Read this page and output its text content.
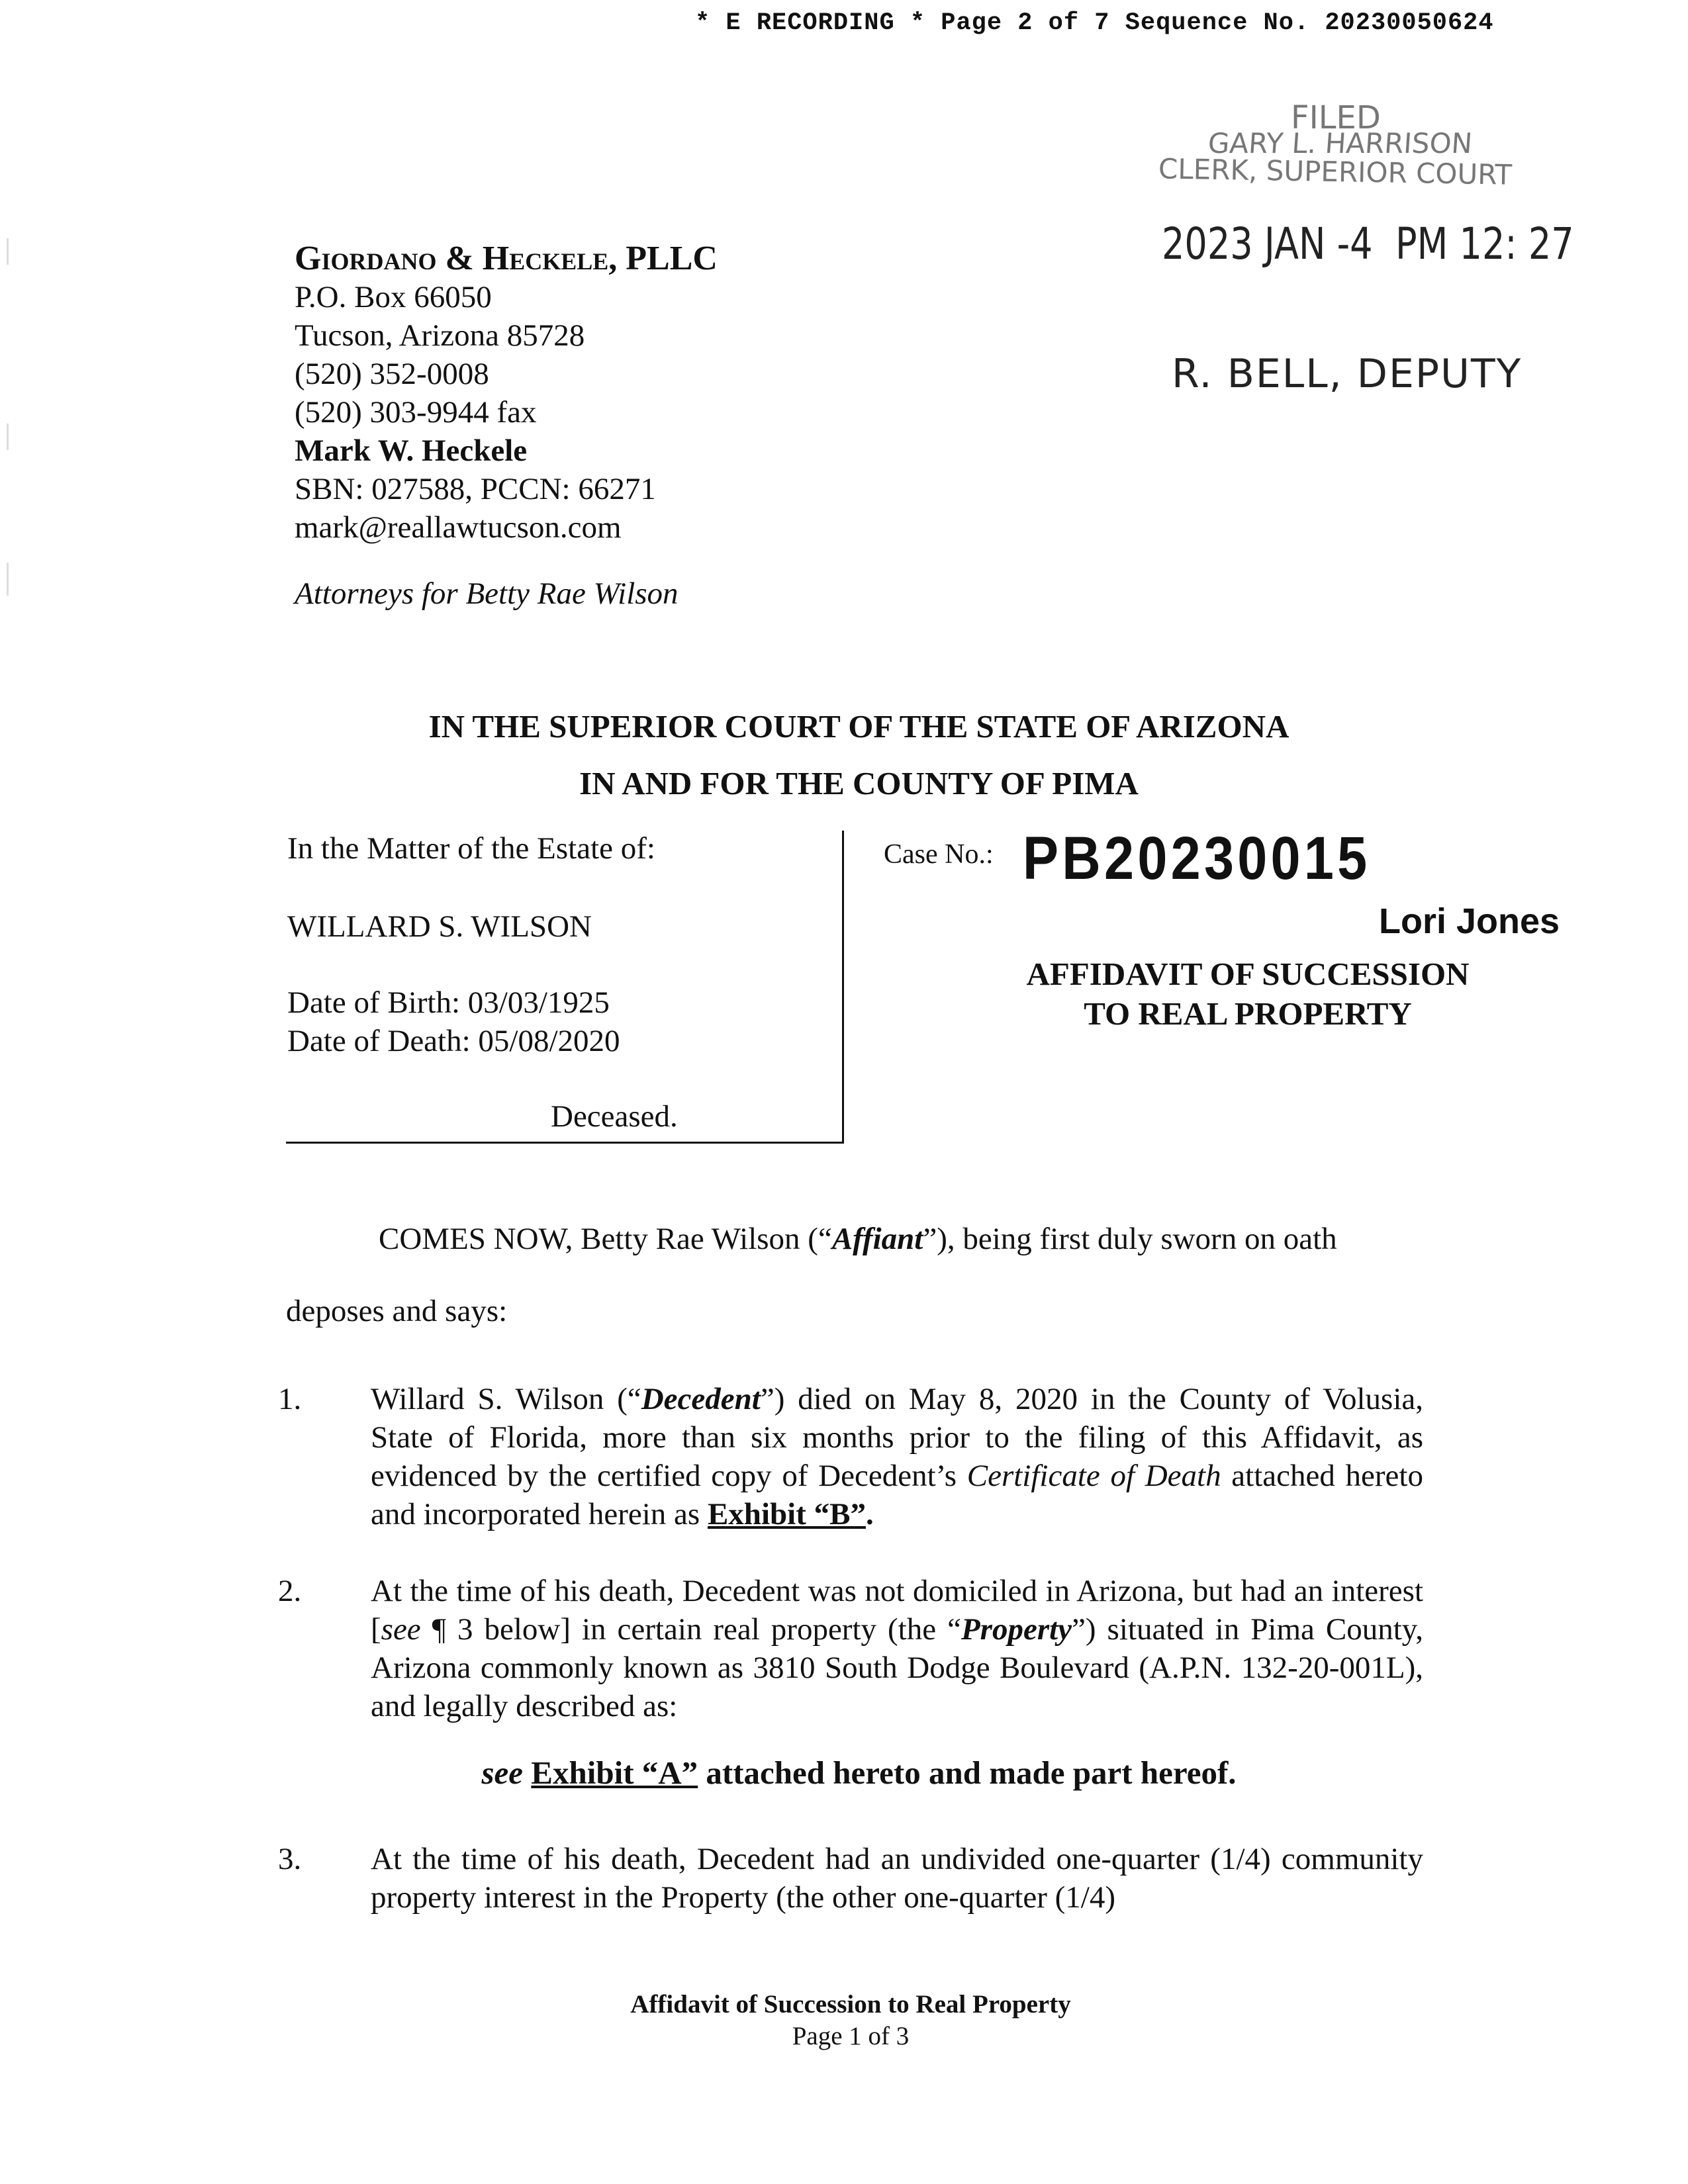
* E RECORDING * Page 2 of 7 Sequence No. 20230050624
FILED
GARY L. HARRISON
CLERK, SUPERIOR COURT
2023 JAN -4  PM 12: 27
R. BELL, DEPUTY
Giordano & Heckele, PLLC
P.O. Box 66050
Tucson, Arizona 85728
(520) 352-0008
(520) 303-9944 fax
Mark W. Heckele
SBN: 027588, PCCN: 66271
mark@reallawtucson.com
Attorneys for Betty Rae Wilson
IN THE SUPERIOR COURT OF THE STATE OF ARIZONA
IN AND FOR THE COUNTY OF PIMA
In the Matter of the Estate of:
WILLARD S. WILSON
Date of Birth: 03/03/1925
Date of Death: 05/08/2020
Deceased.
Case No.: PB20230015
Lori Jones
AFFIDAVIT OF SUCCESSION
TO REAL PROPERTY
COMES NOW, Betty Rae Wilson (“Affiant”), being first duly sworn on oath
deposes and says:
1. Willard S. Wilson (“Decedent”) died on May 8, 2020 in the County of Volusia, State of Florida, more than six months prior to the filing of this Affidavit, as evidenced by the certified copy of Decedent’s Certificate of Death attached hereto and incorporated herein as Exhibit “B”.
2. At the time of his death, Decedent was not domiciled in Arizona, but had an interest [see ¶ 3 below] in certain real property (the “Property”) situated in Pima County, Arizona commonly known as 3810 South Dodge Boulevard (A.P.N. 132-20-001L), and legally described as:
see Exhibit “A” attached hereto and made part hereof.
3. At the time of his death, Decedent had an undivided one-quarter (1/4) community property interest in the Property (the other one-quarter (1/4)
Affidavit of Succession to Real Property
Page 1 of 3
